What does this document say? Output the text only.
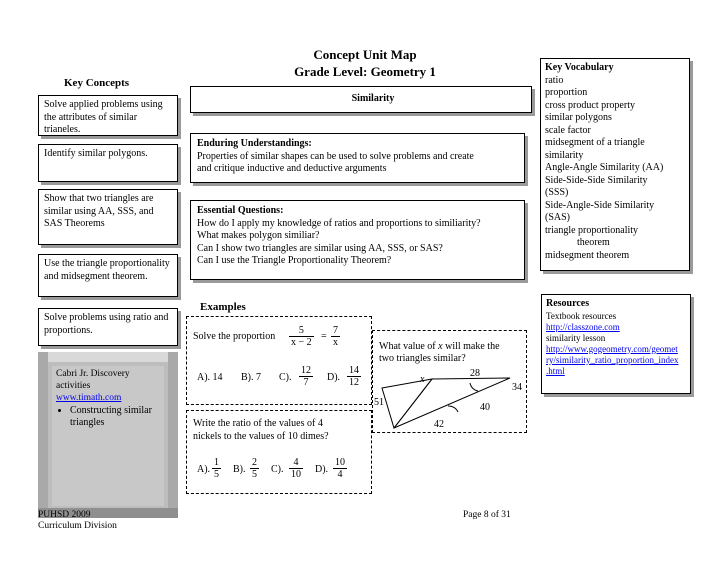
Concept Unit Map
Grade Level: Geometry 1
Similarity
Key Concepts
Solve applied problems using the attributes of similar trianeles.
Identify similar polygons.
Show that two triangles are similar using AA, SSS, and SAS Theorems
Use the triangle proportionality and midsegment theorem.
Solve problems using ratio and proportions.
Cabri Jr. Discovery activities
www.timath.com
• Constructing similar triangles
Enduring Understandings:
Properties of similar shapes can be used to solve problems and create
and critique inductive and deductive arguments
Essential Questions:
How do I apply my knowledge of ratios and proportions to similiarity?
What makes polygon similiar?
Can I show two triangles are similar using AA, SSS, or SAS?
Can I use the Triangle Proportionality Theorem?
Key Vocabulary
ratio
proportion
cross product property
similar polygons
scale factor
midsegment of a triangle
similarity
Angle-Angle Similarity (AA)
Side-Side-Side Similarity
(SSS)
Side-Angle-Side Similarity
(SAS)
triangle proportionality
theorem
midsegment theorem
Resources
Textbook resources
http://classzone.com
similarity lesson
http://www.gogeometry.com/geomet
ry/similarity_ratio_proportion_index
.html
Examples
Solve the proportion $\frac{5}{x - 2} = \frac{7}{x}$
A). 14 B). 7 C). $\frac{12}{7} D$). $\frac{14}{12}$
Write the ratio of the values of 4
nickels to the values of 10 dimes?
A). $\frac{1}{5} B$). $\frac{2}{5} C$). $\frac{4}{10} D$). $\frac{10}{4}$
What value of x will make the
two triangles similar?
x
28
34
51	40
42
PUHSD 2009
Curriculum Division
Page 8 of 31
